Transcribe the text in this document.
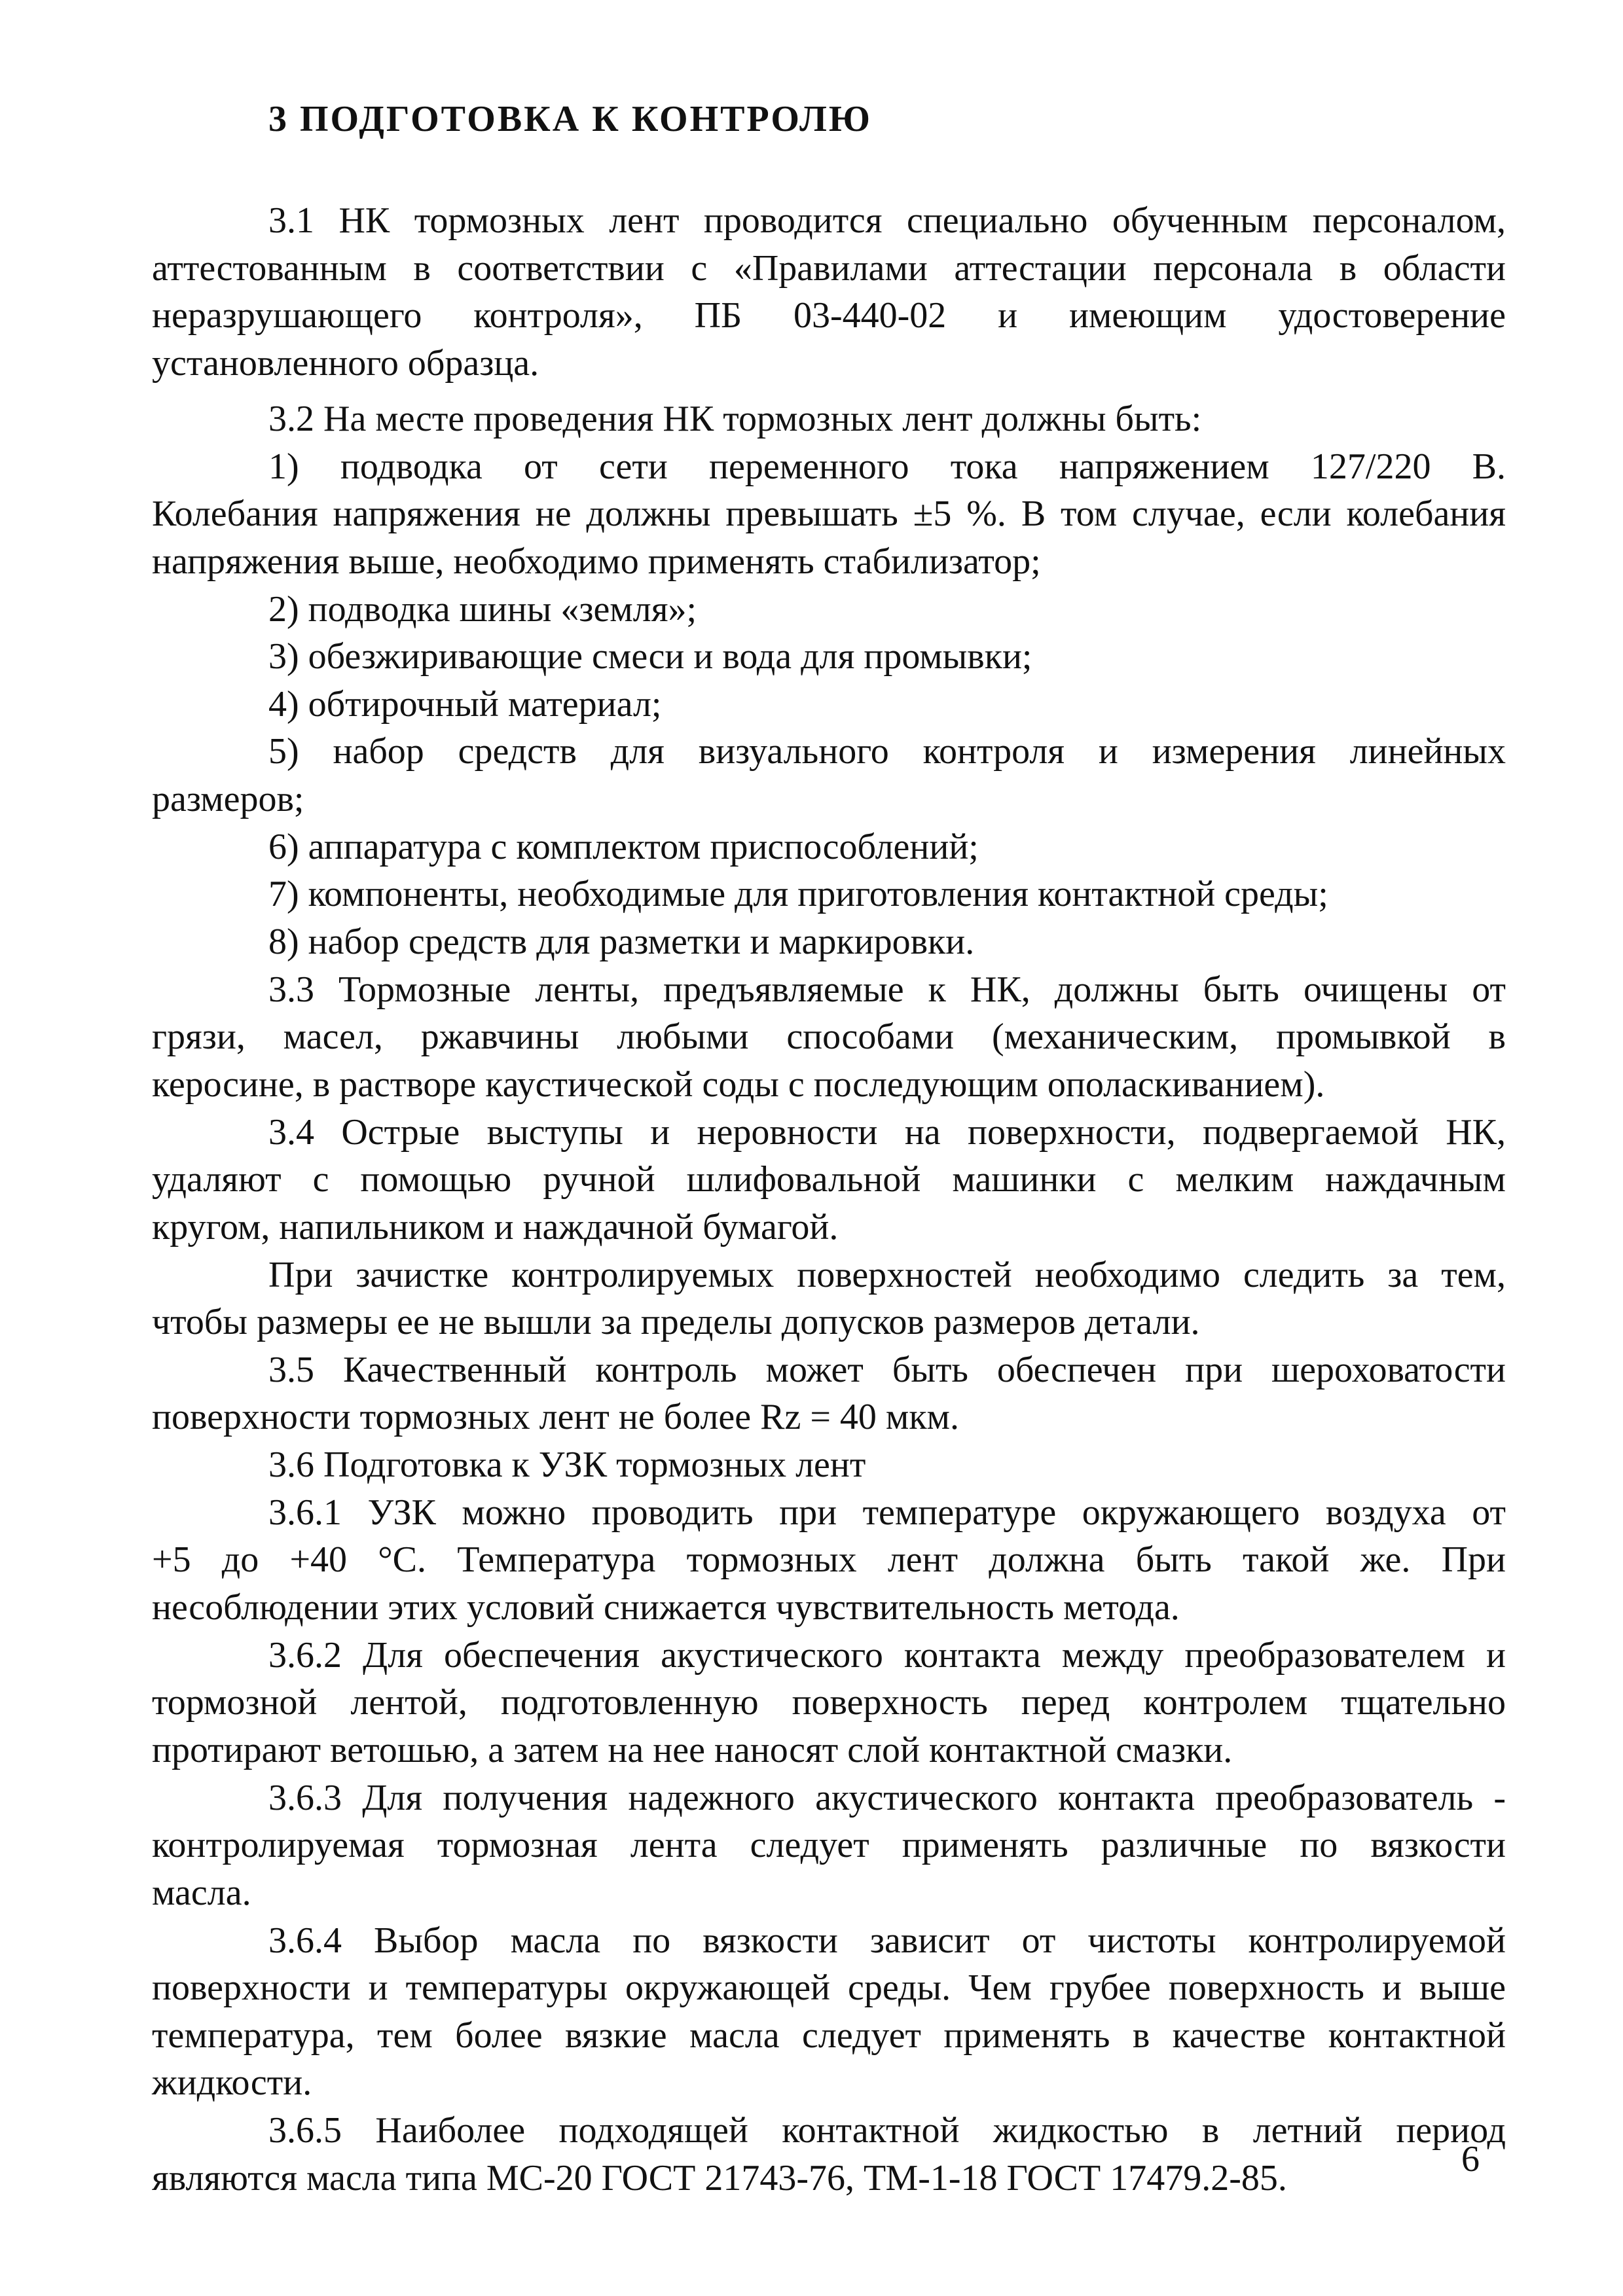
3 ПОДГОТОВКА К КОНТРОЛЮ
3.1 НК тормозных лент проводится специально обученным персоналом,
аттестованным в соответствии с «Правилами аттестации персонала в области
неразрушающего контроля», ПБ 03-440-02 и имеющим удостоверение
установленного образца.
3.2 На месте проведения НК тормозных лент должны быть:
1) подводка от сети переменного тока напряжением 127/220 В.
Колебания напряжения не должны превышать ±5 %. В том случае, если колебания
напряжения выше, необходимо применять стабилизатор;
2) подводка шины «земля»;
3) обезжиривающие смеси и вода для промывки;
4) обтирочный материал;
5) набор средств для визуального контроля и измерения линейных
размеров;
6) аппаратура с комплектом приспособлений;
7) компоненты, необходимые для приготовления контактной среды;
8) набор средств для разметки и маркировки.
3.3 Тормозные ленты, предъявляемые к НК, должны быть очищены от
грязи, масел, ржавчины любыми способами (механическим, промывкой в
керосине, в растворе каустической соды с последующим ополаскиванием).
3.4 Острые выступы и неровности на поверхности, подвергаемой НК,
удаляют с помощью ручной шлифовальной машинки с мелким наждачным
кругом, напильником и наждачной бумагой.
При зачистке контролируемых поверхностей необходимо следить за тем,
чтобы размеры ее не вышли за пределы допусков размеров детали.
3.5 Качественный контроль может быть обеспечен при шероховатости
поверхности тормозных лент не более Rz = 40 мкм.
3.6 Подготовка к УЗК тормозных лент
3.6.1 УЗК можно проводить при температуре окружающего воздуха от
+5 до +40 °С. Температура тормозных лент должна быть такой же. При
несоблюдении этих условий снижается чувствительность метода.
3.6.2 Для обеспечения акустического контакта между преобразователем и
тормозной лентой, подготовленную поверхность перед контролем тщательно
протирают ветошью, а затем на нее наносят слой контактной смазки.
3.6.3 Для получения надежного акустического контакта преобразователь -
контролируемая тормозная лента следует применять различные по вязкости
масла.
3.6.4 Выбор масла по вязкости зависит от чистоты контролируемой
поверхности и температуры окружающей среды. Чем грубее поверхность и выше
температура, тем более вязкие масла следует применять в качестве контактной
жидкости.
3.6.5 Наиболее подходящей контактной жидкостью в летний период
являются масла типа МС-20 ГОСТ 21743-76, ТМ-1-18 ГОСТ 17479.2-85.	6
